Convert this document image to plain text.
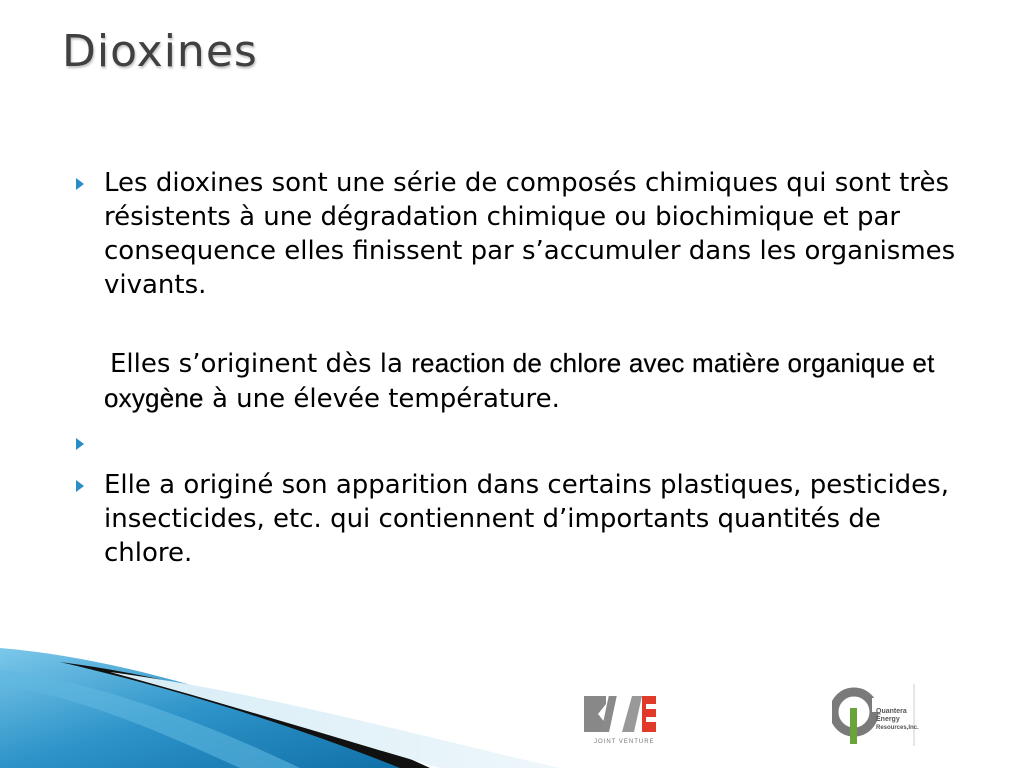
Dioxines

Les dioxines sont une série de composés chimiques qui sont très résistents à une dégradation chimique ou biochimique et par consequence elles finissent par s’accumuler dans les organismes vivants.

Elles s’originent dès la reaction de chlore avec matière organique et oxygène à une élevée température.

Elle a originé son apparition dans certains plastiques, pesticides, insecticides, etc. qui contiennent d’importants quantités de chlore.

JOINT VENTURE
Quantera
Energy
Resources,Inc.
